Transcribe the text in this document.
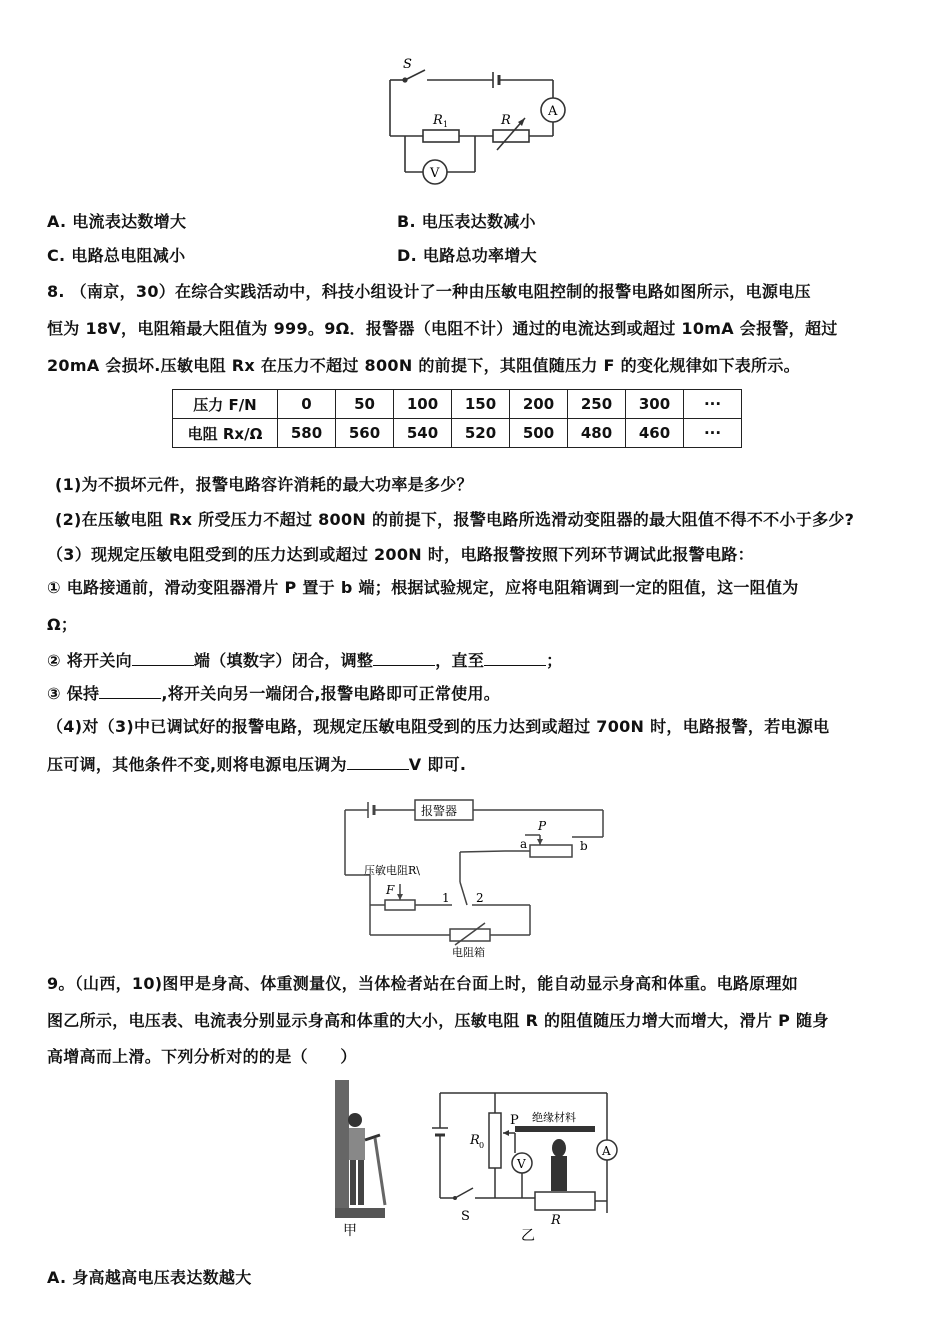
S
R 1	R
A
V
A. 电流表达数增大	B. 电压表达数减小
C. 电路总电阻减小	D. 电路总功率增大
8. （南京，30）在综合实践活动中，科技小组设计了一种由压敏电阻控制的报警电路如图所示，电源电压
恒为 18V，电阻箱最大阻值为 999。9Ω．报警器（电阻不计）通过的电流达到或超过 10mA 会报警，超过
20mA 会损坏.压敏电阻 Rx 在压力不超过 800N 的前提下，其阻值随压力 F 的变化规律如下表所示。
压力 F/N	0	50	100	150	200	250	300	···
电阻 Rx/Ω	580	560	540	520	500	480	460	···
(1)为不损坏元件，报警电路容许消耗的最大功率是多少？
(2)在压敏电阻 Rx 所受压力不超过 800N 的前提下，报警电路所选滑动变阻器的最大阻值不得不不小于多少?
（3）现规定压敏电阻受到的压力达到或超过 200N 时，电路报警按照下列环节调试此报警电路：
① 电路接通前，滑动变阻器滑片 P 置于 b 端；根据试验规定，应将电阻箱调到一定的阻值，这一阻值为
Ω；
② 将开关向	端（填数字）闭合，调整	，直至	；
③ 保持	,将开关向另一端闭合,报警电路即可正常使用。
（4)对（3)中已调试好的报警电路，现规定压敏电阻受到的压力达到或超过 700N 时，电路报警，若电源电
压可调，其他条件不变,则将电源电压调为	V 即可.
报警器
P
a	b
压敏电阻R\
F
1 2
电阻箱
9。（山西，10)图甲是身高、体重测量仪，当体检者站在台面上时，能自动显示身高和体重。电路原理如
图乙所示，电压表、电流表分别显示身高和体重的大小，压敏电阻 R 的阻值随压力增大而增大，滑片 P 随身
高增高而上滑。下列分析对的的是（　　）
甲
R 0
P 绝缘材料
A
V
S	R
乙
A. 身高越高电压表达数越大
